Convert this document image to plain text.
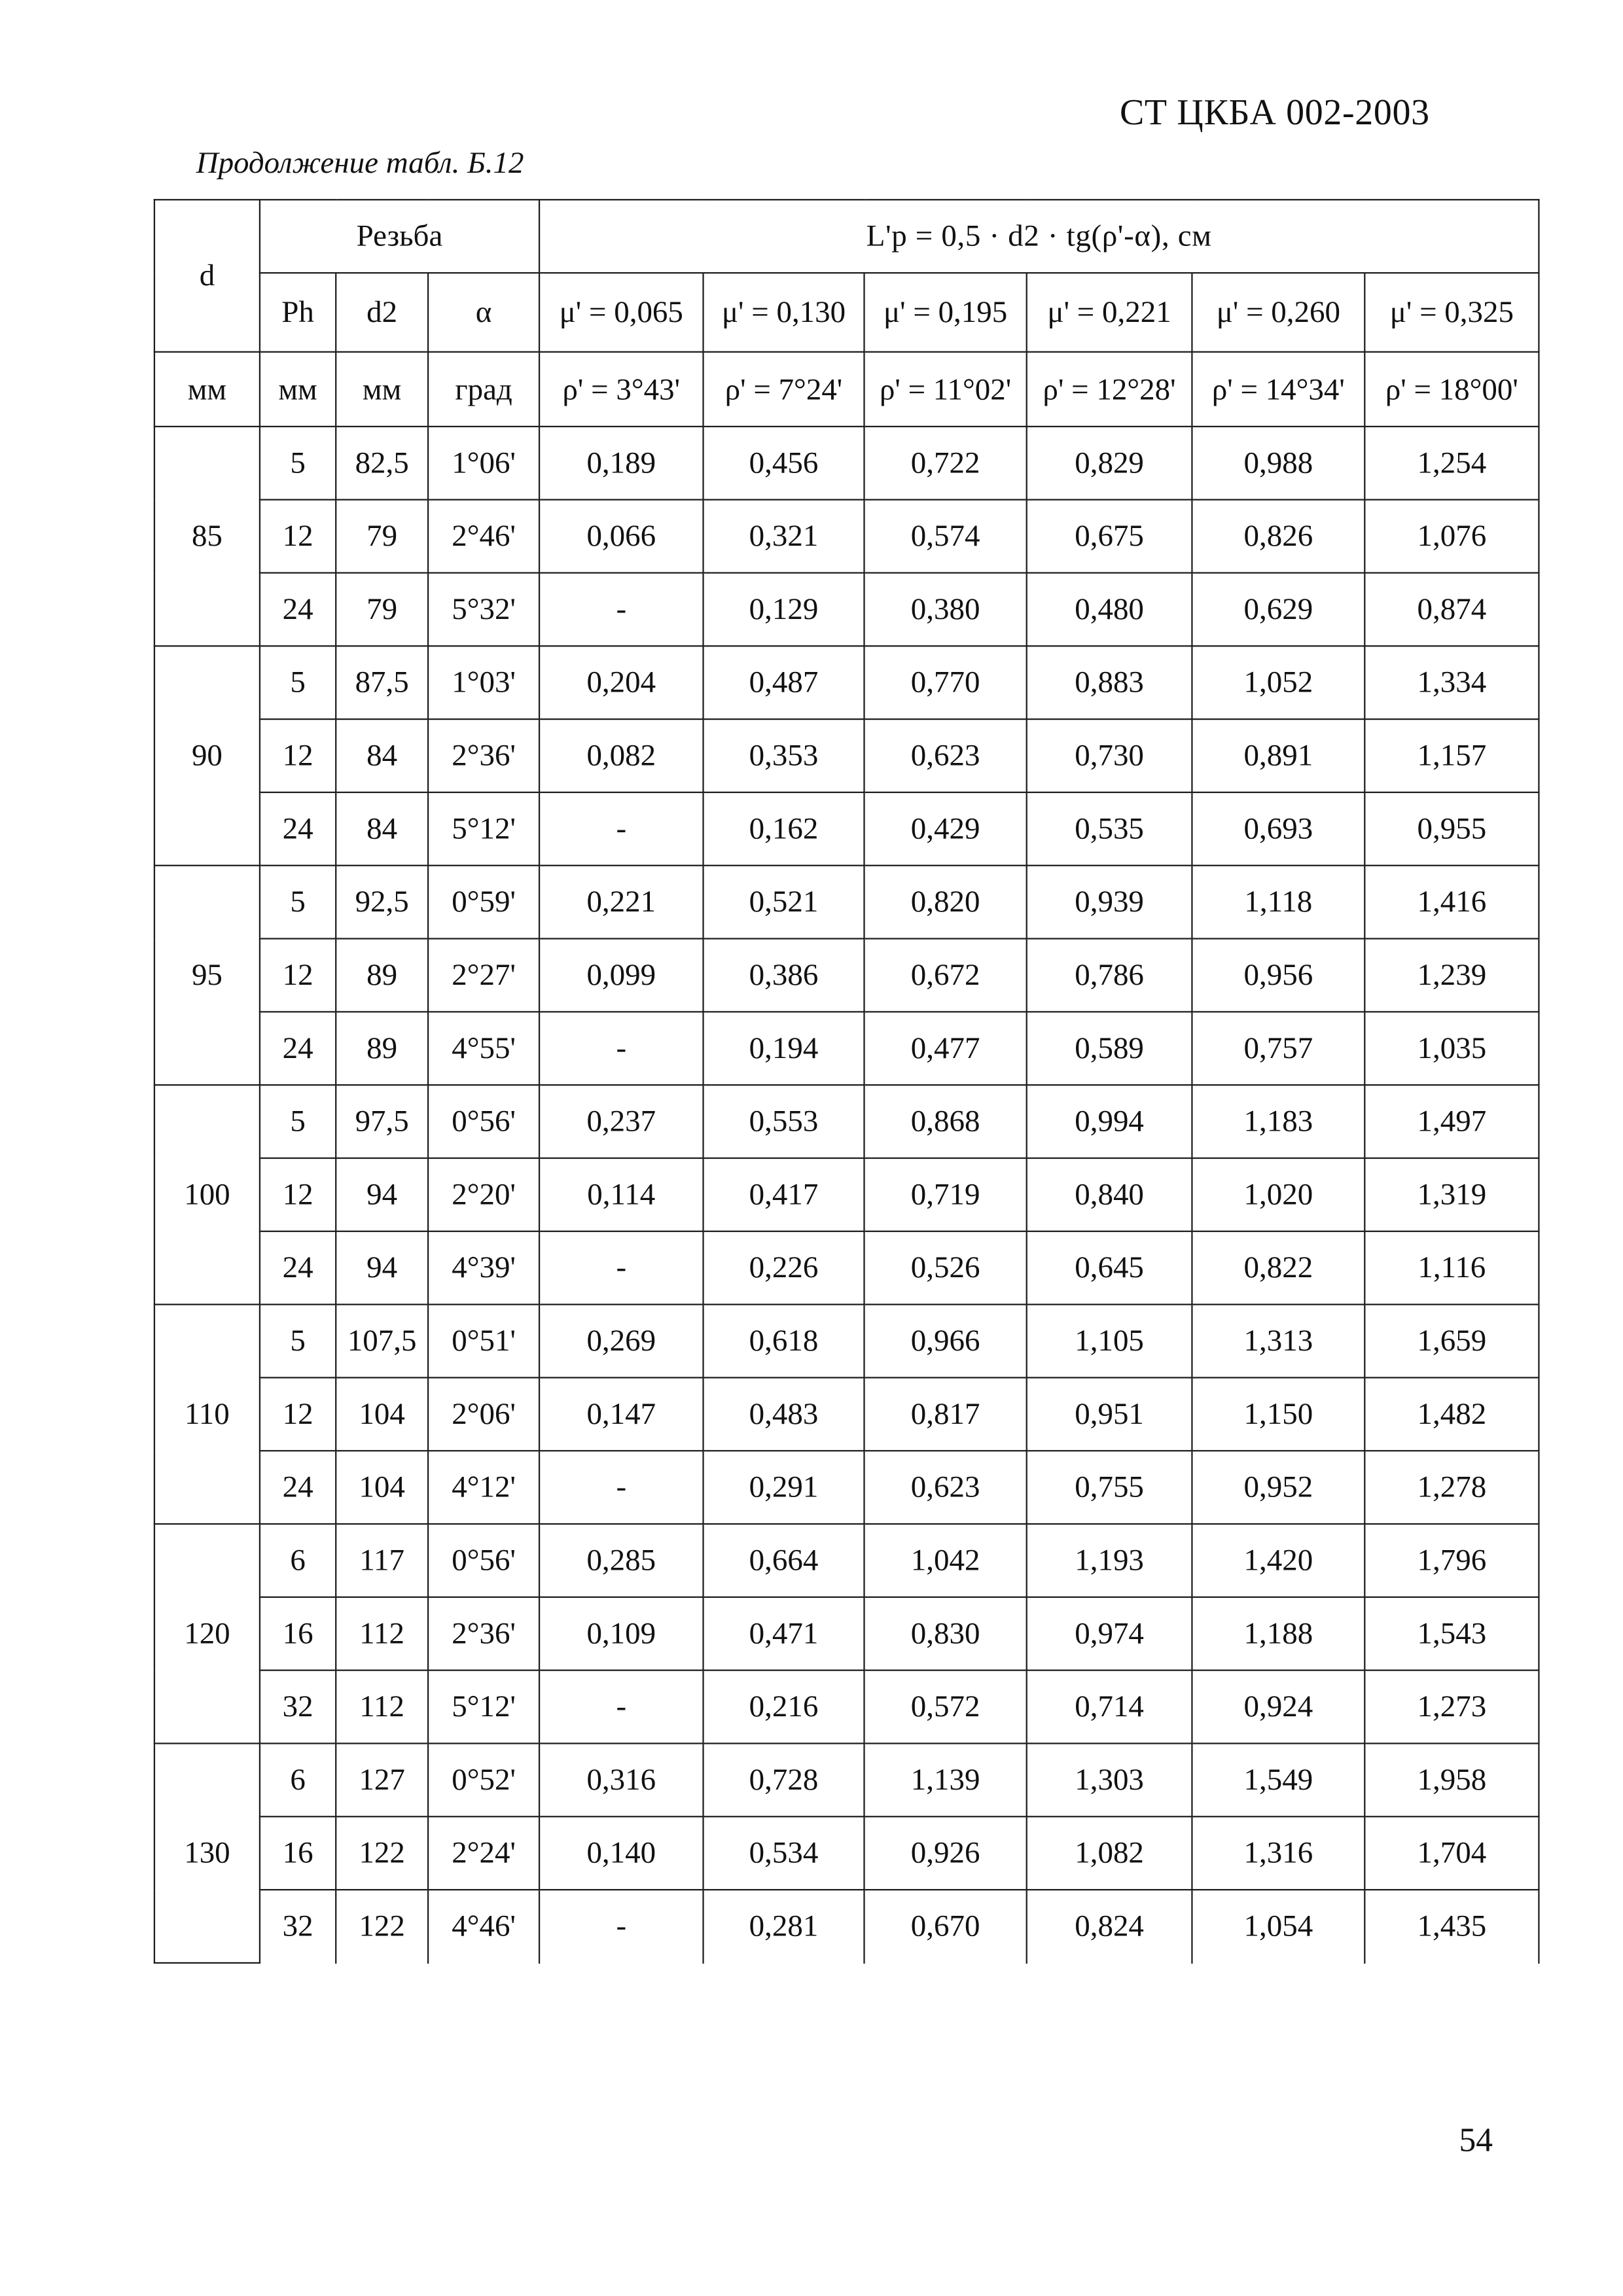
СТ ЦКБА 002-2003
Продолжение табл. Б.12
d	Резьба			L'p = 0,5 · d2 · tg(ρ'-α), см					
	Ph	d2	α	μ' = 0,065	μ' = 0,130	μ' = 0,195	μ' = 0,221	μ' = 0,260	μ' = 0,325
мм	мм	мм	град	ρ' = 3°43'	ρ' = 7°24'	ρ' = 11°02'	ρ' = 12°28'	ρ' = 14°34'	ρ' = 18°00'
85	5	82,5	1°06'	0,189	0,456	0,722	0,829	0,988	1,254
	12	79	2°46'	0,066	0,321	0,574	0,675	0,826	1,076
	24	79	5°32'	-	0,129	0,380	0,480	0,629	0,874
90	5	87,5	1°03'	0,204	0,487	0,770	0,883	1,052	1,334
	12	84	2°36'	0,082	0,353	0,623	0,730	0,891	1,157
	24	84	5°12'	-	0,162	0,429	0,535	0,693	0,955
95	5	92,5	0°59'	0,221	0,521	0,820	0,939	1,118	1,416
	12	89	2°27'	0,099	0,386	0,672	0,786	0,956	1,239
	24	89	4°55'	-	0,194	0,477	0,589	0,757	1,035
100	5	97,5	0°56'	0,237	0,553	0,868	0,994	1,183	1,497
	12	94	2°20'	0,114	0,417	0,719	0,840	1,020	1,319
	24	94	4°39'	-	0,226	0,526	0,645	0,822	1,116
110	5	107,5	0°51'	0,269	0,618	0,966	1,105	1,313	1,659
	12	104	2°06'	0,147	0,483	0,817	0,951	1,150	1,482
	24	104	4°12'	-	0,291	0,623	0,755	0,952	1,278
120	6	117	0°56'	0,285	0,664	1,042	1,193	1,420	1,796
	16	112	2°36'	0,109	0,471	0,830	0,974	1,188	1,543
	32	112	5°12'	-	0,216	0,572	0,714	0,924	1,273
130	6	127	0°52'	0,316	0,728	1,139	1,303	1,549	1,958
	16	122	2°24'	0,140	0,534	0,926	1,082	1,316	1,704
	32	122	4°46'	-	0,281	0,670	0,824	1,054	1,435
54
